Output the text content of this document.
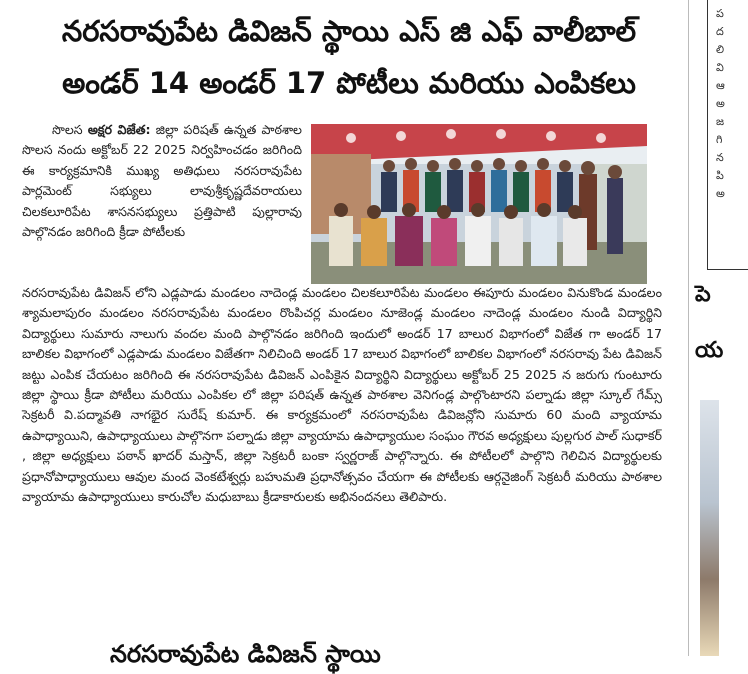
నరసరావుపేట డివిజన్ స్థాయి ఎస్ జి ఎఫ్ వాలీబాల్
అండర్ 14 అండర్ 17 పోటీలు మరియు ఎంపికలు
సొలస అక్షర విజేత: జిల్లా పరిషత్ ఉన్నత పాఠశాల సొలస నందు అక్టోబర్ 22 2025 నిర్వహించడం జరిగింది ఈ కార్యక్రమానికి ముఖ్య అతిధులు నరసరావుపేట పార్లమెంట్ సభ్యులు లావుశ్రీకృష్ణదేవరాయలు చిలకలూరిపేట శాసనసభ్యులు ప్రత్తిపాటి పుల్లారావు పాల్గొనడం జరిగింది క్రీడా పోటీలకు
నరసరావుపేట డివిజన్ లోని ఎడ్లపాడు మండలం నాదెండ్ల మండలం చిలకలూరిపేట మండలం ఈపూరు మండలం వినుకొండ మండలం శ్యామలాపురం మండలం నరసరావుపేట మండలం రొంపిచర్ల మండలం నూజెండ్ల మండలం నాదెండ్ల మండలం నుండి విద్యార్థిని విద్యార్థులు సుమారు నాలుగు వందల మంది పాల్గొనడం జరిగింది ఇందులో అండర్ 17 బాలుర విభాగంలో విజేత గా అండర్ 17 బాలికల విభాగంలో ఎడ్లపాడు మండలం విజేతగా నిలిచింది అండర్ 17 బాలుర విభాగంలో బాలికల విభాగంలో నరసరావు పేట డివిజన్ జట్టు ఎంపిక చేయటం జరిగింది ఈ నరసరావుపేట డివిజన్ ఎంపికైన విద్యార్థిని విద్యార్థులు అక్టోబర్ 25 2025 న జరుగు గుంటూరు జిల్లా స్థాయి క్రీడా పోటీలు మరియు ఎంపికల లో జిల్లా పరిషత్ ఉన్నత పాఠశాల వెనిగండ్ల పాల్గొంటారని పల్నాడు జిల్లా స్కూల్ గేమ్స్ సెక్రటరీ వి.పద్మావతి నాగభైర సురేష్ కుమార్. ఈ కార్యక్రమంలో నరసరావుపేట డివిజన్లోని సుమారు 60 మంది వ్యాయామ ఉపాధ్యాయిని, ఉపాధ్యాయులు పాల్గొనగా పల్నాడు జిల్లా వ్యాయామ ఉపాధ్యాయుల సంఘం గౌరవ అధ్యక్షులు పుల్లగుర పాల్ సుధాకర్ , జిల్లా అధ్యక్షులు పఠాన్ ఖాదర్ మస్తాన్, జిల్లా సెక్రటరీ బంకా స్వర్ణరాజ్ పాల్గొన్నారు. ఈ పోటీలలో పాల్గొని గెలిచిన విద్యార్థులకు ప్రధానోపాధ్యాయులు ఆవుల మంద వెంకటేశ్వర్లు బహుమతి ప్రధానోత్సవం చేయగా ఈ పోటీలకు ఆర్గనైజింగ్ సెక్రటరీ మరియు పాఠశాల వ్యాయామ ఉపాధ్యాయులు కారుచోల మధుబాబు క్రీడాకారులకు అభినందనలు తెలిపారు.
ప
ద
లి
వి
ఆ
అ
జ
గి
న
పి
అ
పె
య
నరసరావుపేట డివిజన్ స్థాయి
